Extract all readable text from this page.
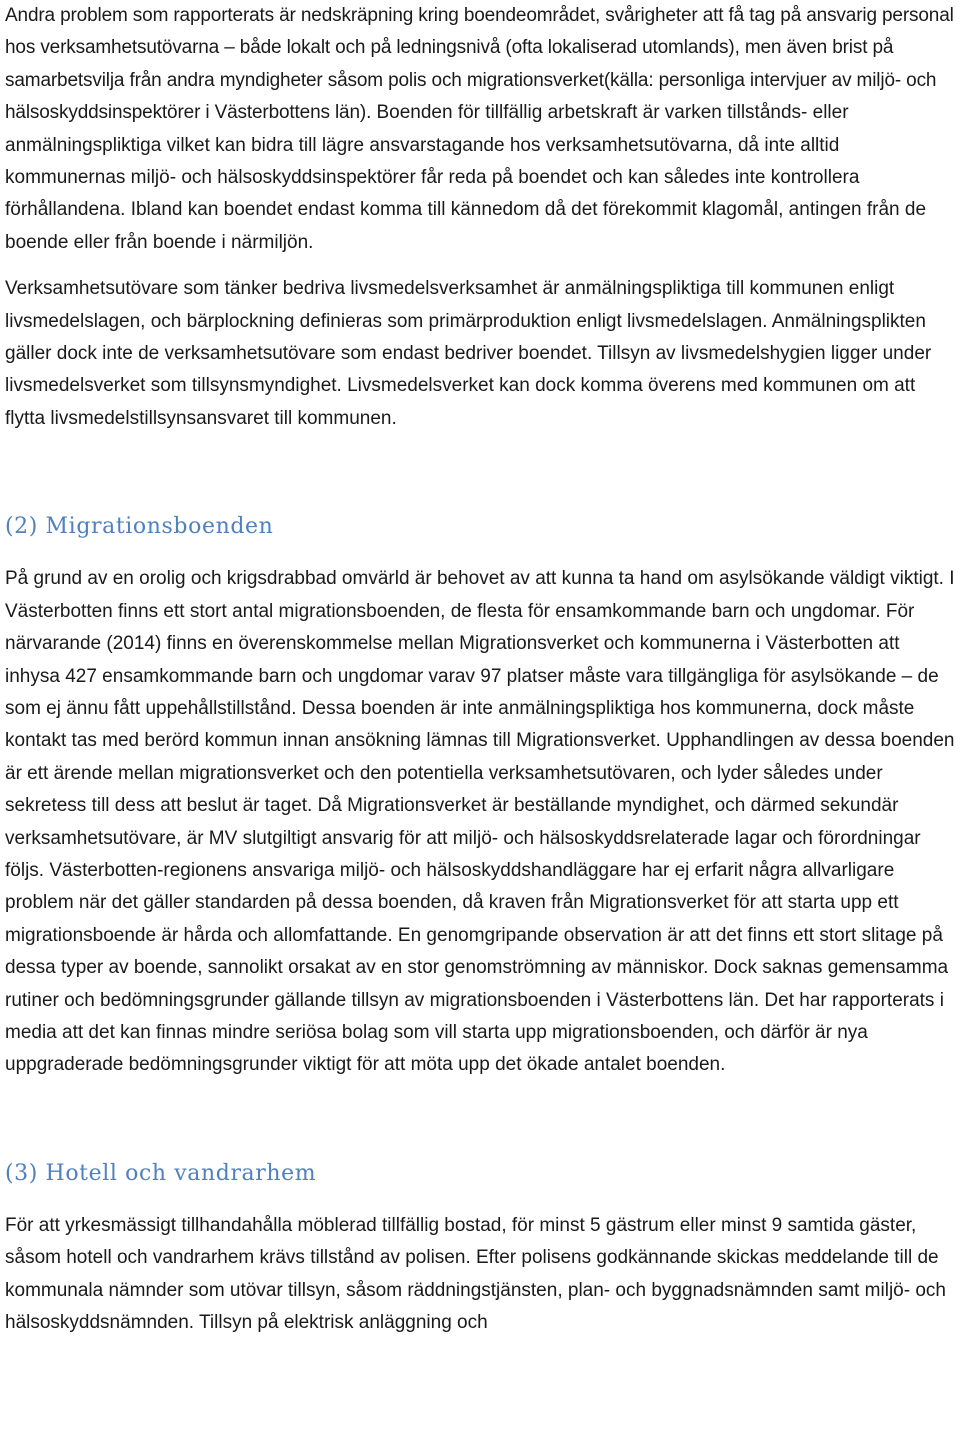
Andra problem som rapporterats är nedskräpning kring boendeområdet, svårigheter att få tag på ansvarig personal hos verksamhetsutövarna – både lokalt och på ledningsnivå (ofta lokaliserad utomlands), men även brist på samarbetsvilja från andra myndigheter såsom polis och migrationsverket(källa: personliga intervjuer av miljö- och hälsoskyddsinspektörer i Västerbottens län). Boenden för tillfällig arbetskraft är varken tillstånds- eller anmälningspliktiga vilket kan bidra till lägre ansvarstagande hos verksamhetsutövarna, då inte alltid kommunernas miljö- och hälsoskyddsinspektörer får reda på boendet och kan således inte kontrollera förhållandena. Ibland kan boendet endast komma till kännedom då det förekommit klagomål, antingen från de boende eller från boende i närmiljön.

Verksamhetsutövare som tänker bedriva livsmedelsverksamhet är anmälningspliktiga till kommunen enligt livsmedelslagen, och bärplockning definieras som primärproduktion enligt livsmedelslagen. Anmälningsplikten gäller dock inte de verksamhetsutövare som endast bedriver boendet. Tillsyn av livsmedelshygien ligger under livsmedelsverket som tillsynsmyndighet. Livsmedelsverket kan dock komma överens med kommunen om att flytta livsmedelstillsynsansvaret till kommunen.

(2) Migrationsboenden

På grund av en orolig och krigsdrabbad omvärld är behovet av att kunna ta hand om asylsökande väldigt viktigt. I Västerbotten finns ett stort antal migrationsboenden, de flesta för ensamkommande barn och ungdomar. För närvarande (2014) finns en överenskommelse mellan Migrationsverket och kommunerna i Västerbotten att inhysa 427 ensamkommande barn och ungdomar varav 97 platser måste vara tillgängliga för asylsökande – de som ej ännu fått uppehållstillstånd. Dessa boenden är inte anmälningspliktiga hos kommunerna, dock måste kontakt tas med berörd kommun innan ansökning lämnas till Migrationsverket. Upphandlingen av dessa boenden är ett ärende mellan migrationsverket och den potentiella verksamhetsutövaren, och lyder således under sekretess till dess att beslut är taget. Då Migrationsverket är beställande myndighet, och därmed sekundär verksamhetsutövare, är MV slutgiltigt ansvarig för att miljö- och hälsoskyddsrelaterade lagar och förordningar följs. Västerbotten-regionens ansvariga miljö- och hälsoskyddshandläggare har ej erfarit några allvarligare problem när det gäller standarden på dessa boenden, då kraven från Migrationsverket för att starta upp ett migrationsboende är hårda och allomfattande. En genomgripande observation är att det finns ett stort slitage på dessa typer av boende, sannolikt orsakat av en stor genomströmning av människor. Dock saknas gemensamma rutiner och bedömningsgrunder gällande tillsyn av migrationsboenden i Västerbottens län. Det har rapporterats i media att det kan finnas mindre seriösa bolag som vill starta upp migrationsboenden, och därför är nya uppgraderade bedömningsgrunder viktigt för att möta upp det ökade antalet boenden.

(3) Hotell och vandrarhem

För att yrkesmässigt tillhandahålla möblerad tillfällig bostad, för minst 5 gästrum eller minst 9 samtida gäster, såsom hotell och vandrarhem krävs tillstånd av polisen. Efter polisens godkännande skickas meddelande till de kommunala nämnder som utövar tillsyn, såsom räddningstjänsten, plan- och byggnadsnämnden samt miljö- och hälsoskyddsnämnden. Tillsyn på elektrisk anläggning och
